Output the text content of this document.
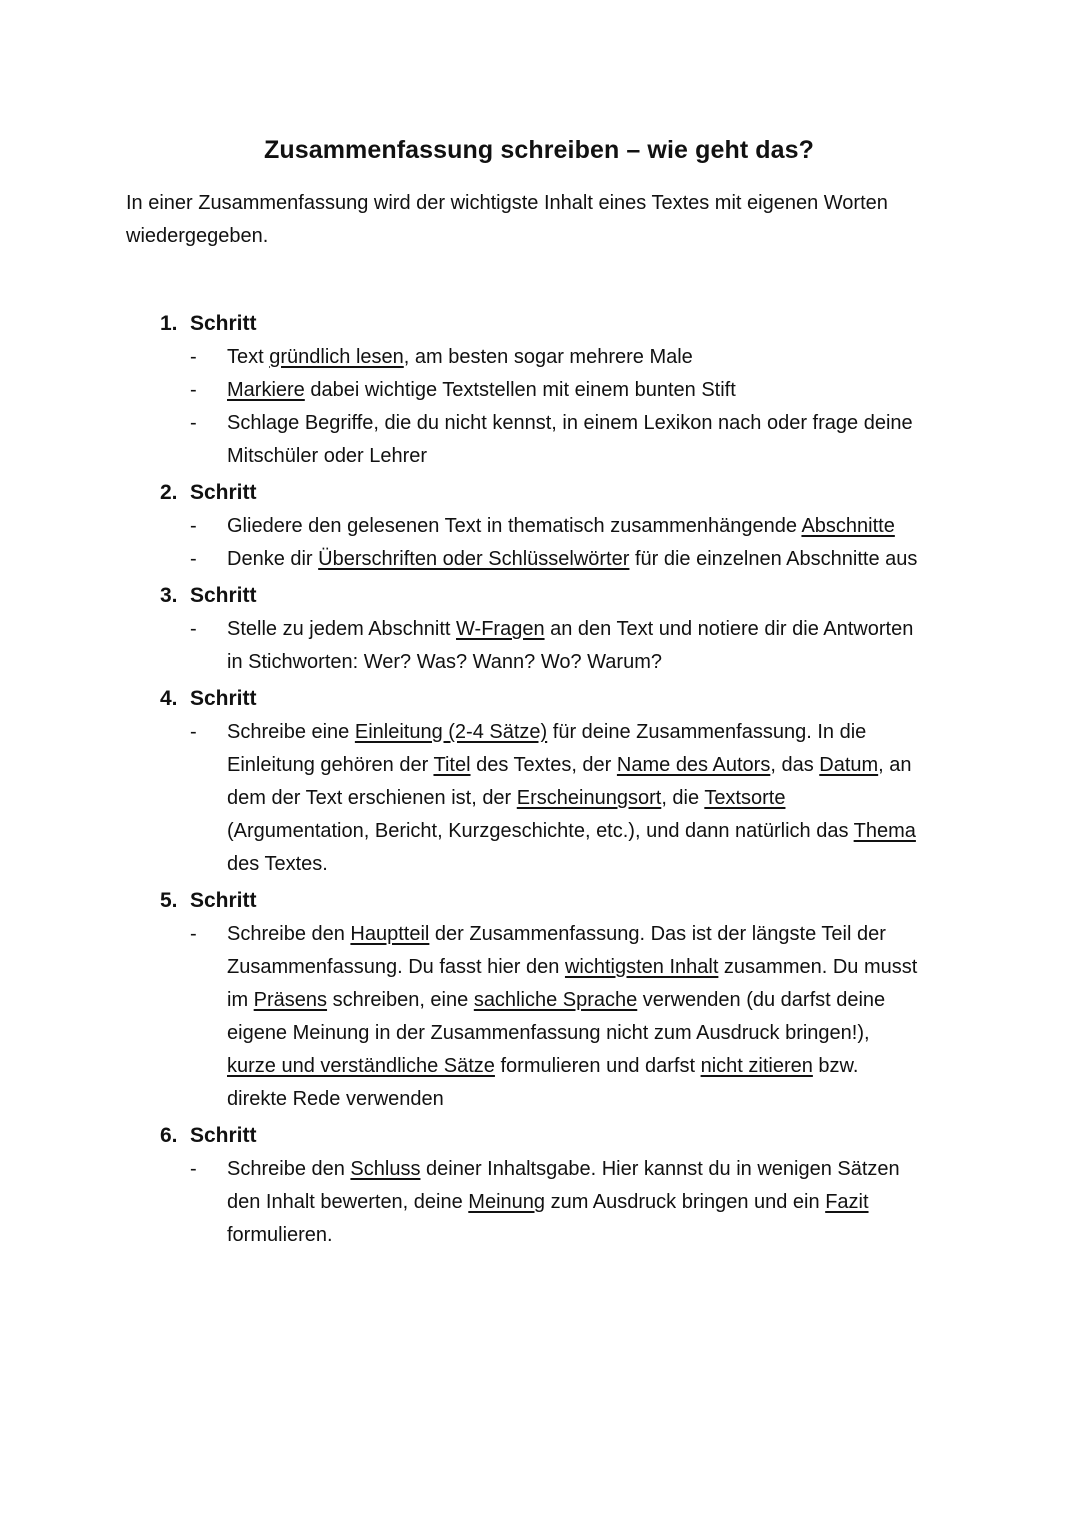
Zusammenfassung schreiben – wie geht das?

In einer Zusammenfassung wird der wichtigste Inhalt eines Textes mit eigenen Worten wiedergegeben.

1. Schritt
- Text gründlich lesen, am besten sogar mehrere Male
- Markiere dabei wichtige Textstellen mit einem bunten Stift
- Schlage Begriffe, die du nicht kennst, in einem Lexikon nach oder frage deine Mitschüler oder Lehrer
2. Schritt
- Gliedere den gelesenen Text in thematisch zusammenhängende Abschnitte
- Denke dir Überschriften oder Schlüsselwörter für die einzelnen Abschnitte aus
3. Schritt
- Stelle zu jedem Abschnitt W-Fragen an den Text und notiere dir die Antworten in Stichworten: Wer? Was? Wann? Wo? Warum?
4. Schritt
- Schreibe eine Einleitung (2-4 Sätze) für deine Zusammenfassung. In die Einleitung gehören der Titel des Textes, der Name des Autors, das Datum, an dem der Text erschienen ist, der Erscheinungsort, die Textsorte (Argumentation, Bericht, Kurzgeschichte, etc.), und dann natürlich das Thema des Textes.
5. Schritt
- Schreibe den Hauptteil der Zusammenfassung. Das ist der längste Teil der Zusammenfassung. Du fasst hier den wichtigsten Inhalt zusammen. Du musst im Präsens schreiben, eine sachliche Sprache verwenden (du darfst deine eigene Meinung in der Zusammenfassung nicht zum Ausdruck bringen!), kurze und verständliche Sätze formulieren und darfst nicht zitieren bzw. direkte Rede verwenden
6. Schritt
- Schreibe den Schluss deiner Inhaltsgabe. Hier kannst du in wenigen Sätzen den Inhalt bewerten, deine Meinung zum Ausdruck bringen und ein Fazit formulieren.
